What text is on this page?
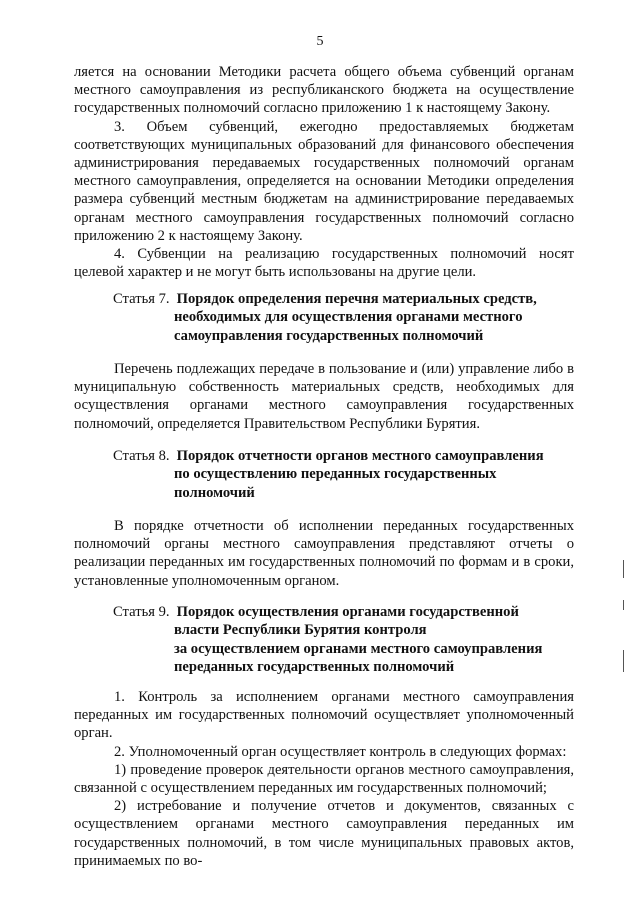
5

ляется на основании Методики расчета общего объема субвенций органам местного самоуправления из республиканского бюджета на осуществление государственных полномочий согласно приложению 1 к настоящему Закону.

3. Объем субвенций, ежегодно предоставляемых бюджетам соответствующих муниципальных образований для финансового обеспечения администрирования передаваемых государственных полномочий органам местного самоуправления, определяется на основании Методики определения размера субвенций местным бюджетам на администрирование передаваемых органам местного самоуправления государственных полномочий согласно приложению 2 к настоящему Закону.

4. Субвенции на реализацию государственных полномочий носят целевой характер и не могут быть использованы на другие цели.

Статья 7. Порядок определения перечня материальных средств,
необходимых для осуществления органами местного
самоуправления государственных полномочий

Перечень подлежащих передаче в пользование и (или) управление либо в муниципальную собственность материальных средств, необходимых для осуществления органами местного самоуправления государственных полномочий, определяется Правительством Республики Бурятия.

Статья 8. Порядок отчетности органов местного самоуправления
по осуществлению переданных государственных
полномочий

В порядке отчетности об исполнении переданных государственных полномочий органы местного самоуправления представляют отчеты о реализации переданных им государственных полномочий по формам и в сроки, установленные уполномоченным органом.

Статья 9. Порядок осуществления органами государственной
власти Республики Бурятия контроля
за осуществлением органами местного самоуправления
переданных государственных полномочий

1. Контроль за исполнением органами местного самоуправления переданных им государственных полномочий осуществляет уполномоченный орган.

2. Уполномоченный орган осуществляет контроль в следующих формах:

1) проведение проверок деятельности органов местного самоуправления, связанной с осуществлением переданных им государственных полномочий;

2) истребование и получение отчетов и документов, связанных с осуществлением органами местного самоуправления переданных им государственных полномочий, в том числе муниципальных правовых актов, принимаемых по во-
